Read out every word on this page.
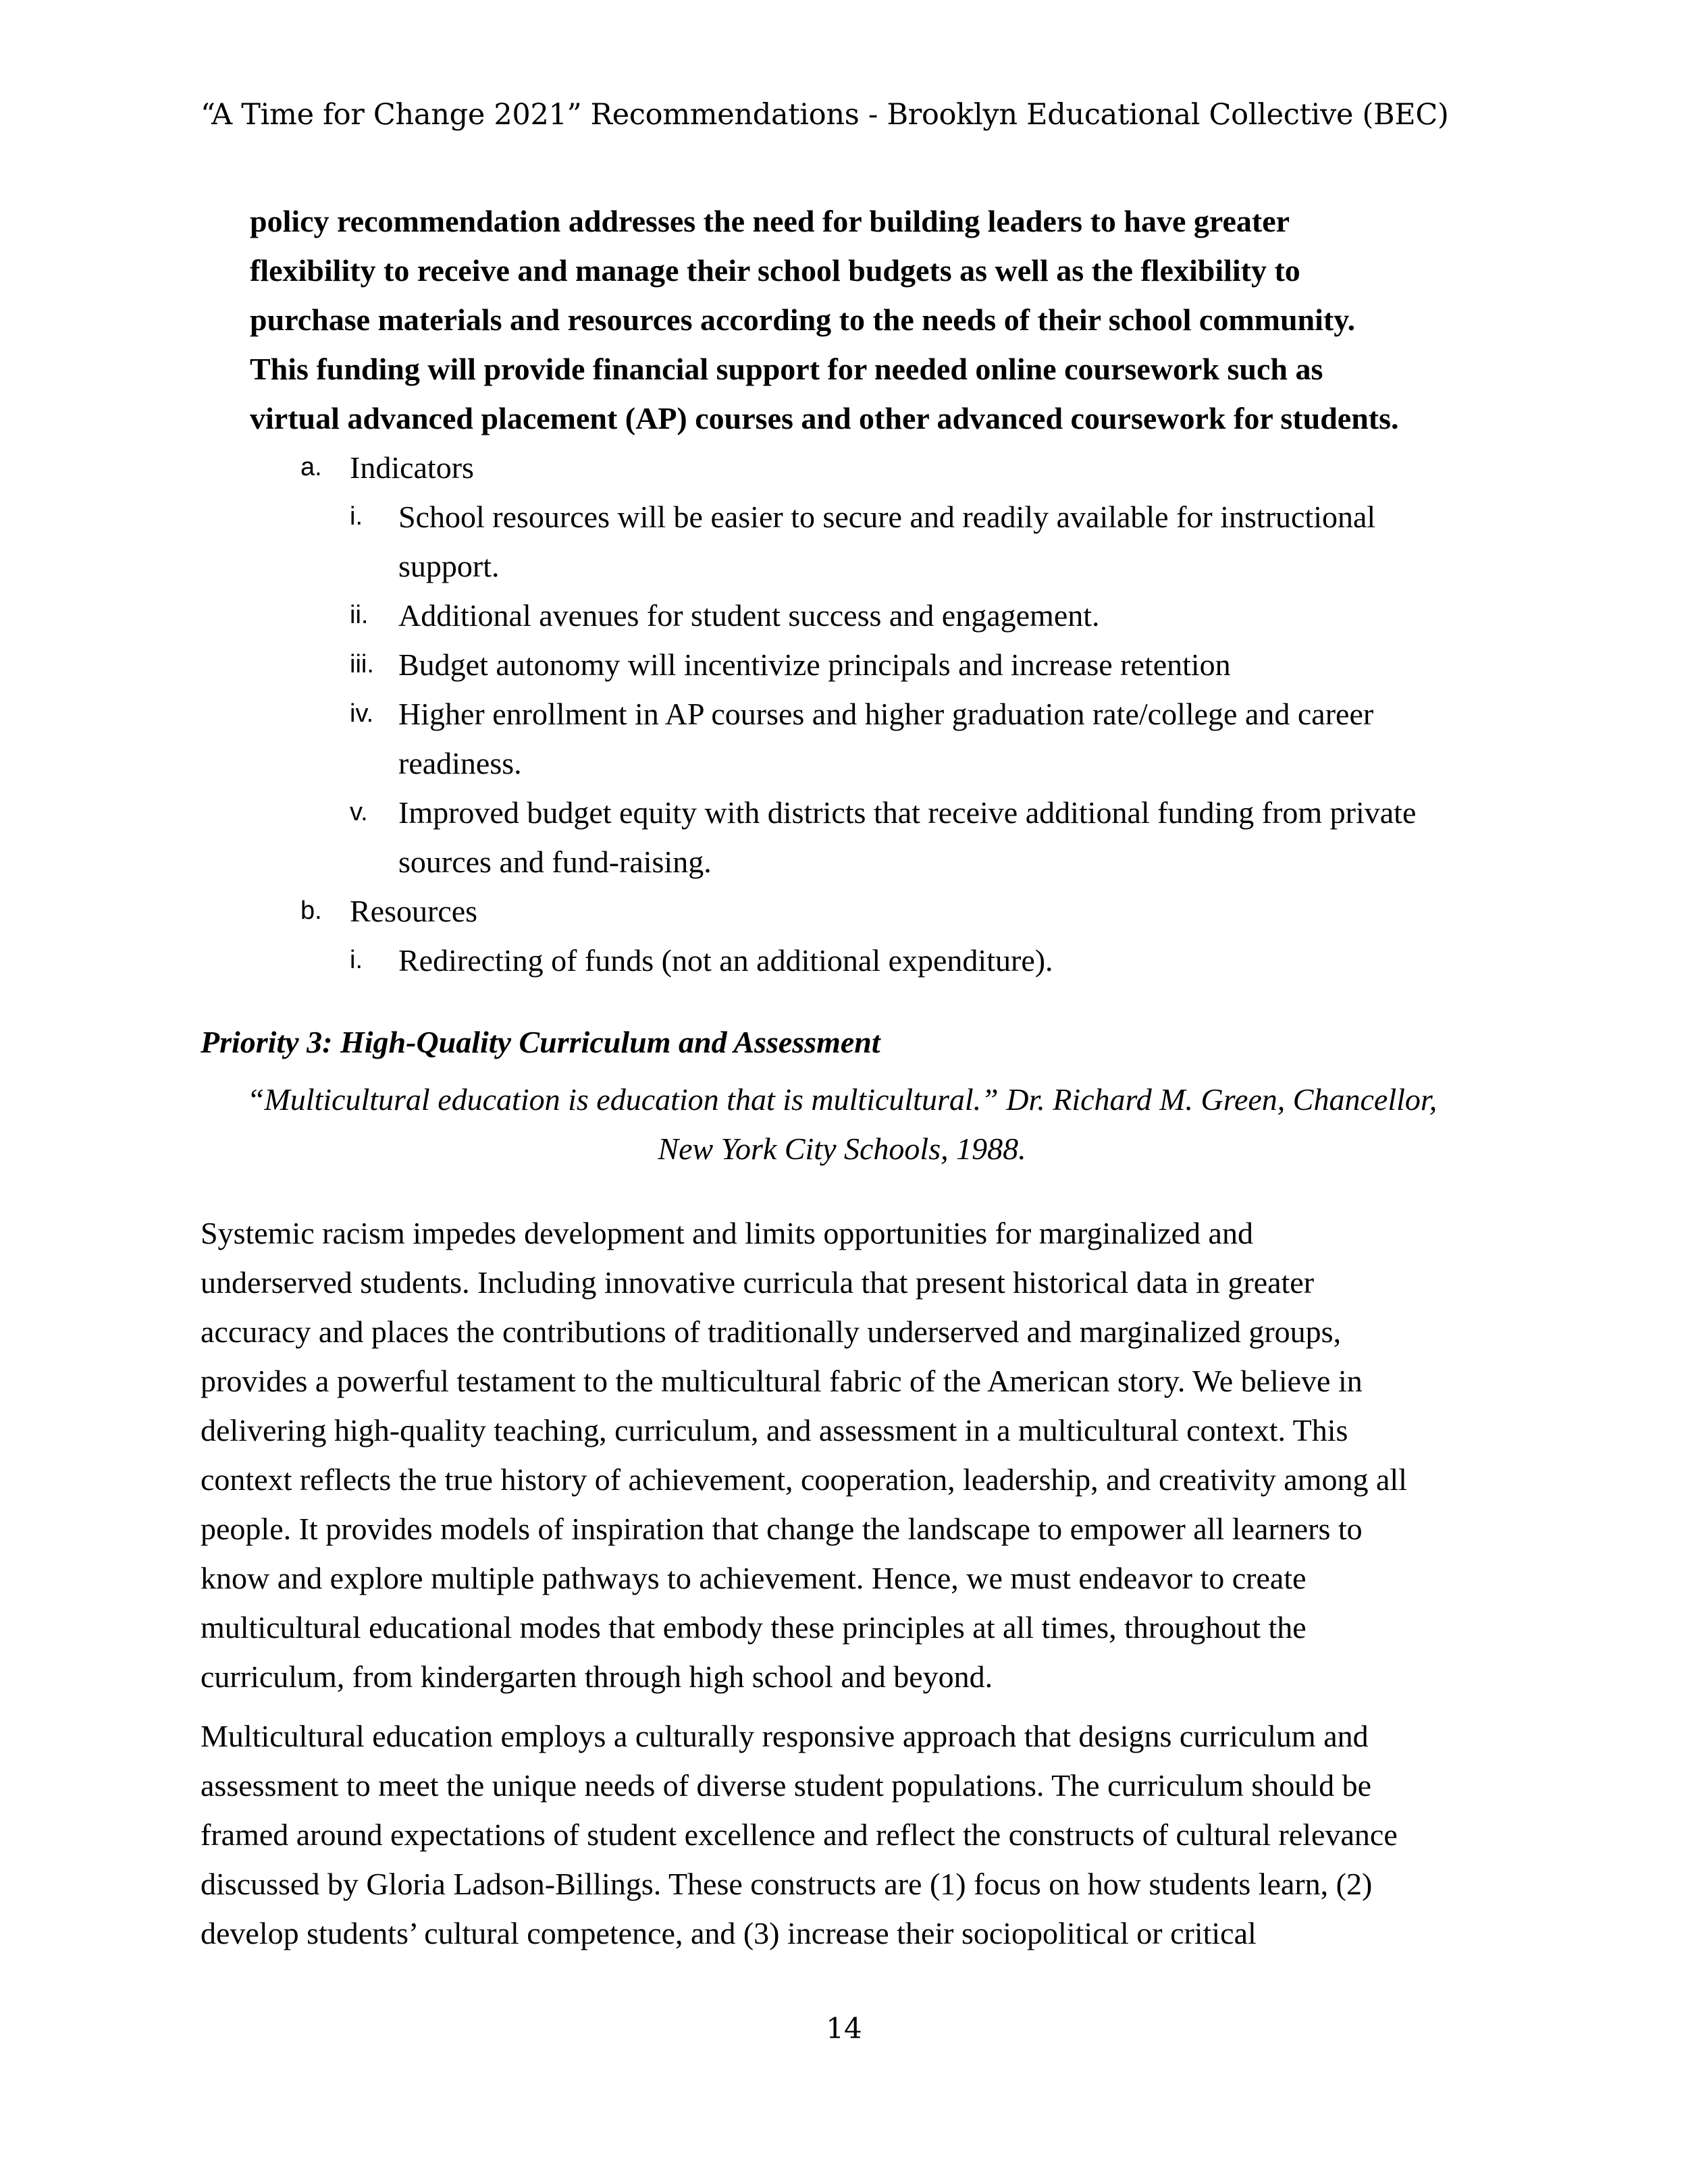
“A Time for Change 2021” Recommendations - Brooklyn Educational Collective (BEC)
policy recommendation addresses the need for building leaders to have greater
flexibility to receive and manage their school budgets as well as the flexibility to
purchase materials and resources according to the needs of their school community.
This funding will provide financial support for needed online coursework such as
virtual advanced placement (AP) courses and other advanced coursework for students.
a. Indicators
i. School resources will be easier to secure and readily available for instructional
support.
ii. Additional avenues for student success and engagement.
iii. Budget autonomy will incentivize principals and increase retention
iv. Higher enrollment in AP courses and higher graduation rate/college and career
readiness.
v. Improved budget equity with districts that receive additional funding from private
sources and fund-raising.
b. Resources
i. Redirecting of funds (not an additional expenditure).
Priority 3: High-Quality Curriculum and Assessment
“Multicultural education is education that is multicultural.” Dr. Richard M. Green, Chancellor,
New York City Schools, 1988.
Systemic racism impedes development and limits opportunities for marginalized and
underserved students. Including innovative curricula that present historical data in greater
accuracy and places the contributions of traditionally underserved and marginalized groups,
provides a powerful testament to the multicultural fabric of the American story. We believe in
delivering high-quality teaching, curriculum, and assessment in a multicultural context. This
context reflects the true history of achievement, cooperation, leadership, and creativity among all
people. It provides models of inspiration that change the landscape to empower all learners to
know and explore multiple pathways to achievement. Hence, we must endeavor to create
multicultural educational modes that embody these principles at all times, throughout the
curriculum, from kindergarten through high school and beyond.
Multicultural education employs a culturally responsive approach that designs curriculum and
assessment to meet the unique needs of diverse student populations. The curriculum should be
framed around expectations of student excellence and reflect the constructs of cultural relevance
discussed by Gloria Ladson-Billings. These constructs are (1) focus on how students learn, (2)
develop students’ cultural competence, and (3) increase their sociopolitical or critical
14
